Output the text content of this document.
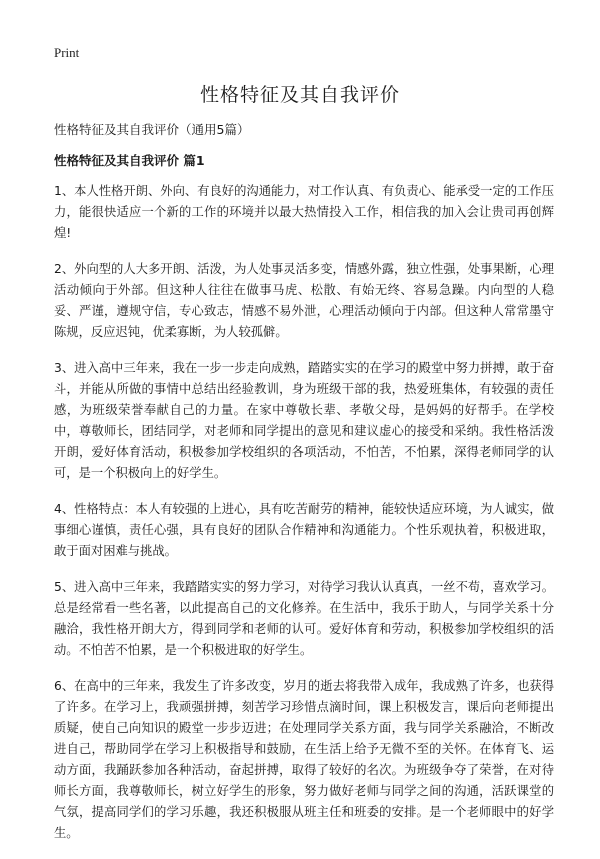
Print
性格特征及其自我评价
性格特征及其自我评价（通用5篇）
性格特征及其自我评价 篇1

1、本人性格开朗、外向、有良好的沟通能力，对工作认真、有负责心、能承受一定的工作压力，能很快适应一个新的工作的环境并以最大热情投入工作，相信我的加入会让贵司再创辉煌!

2、外向型的人大多开朗、活泼，为人处事灵活多变，情感外露，独立性强，处事果断，心理活动倾向于外部。但这种人往往在做事马虎、松散、有始无终、容易急躁。内向型的人稳妥、严谨，遵规守信，专心致志，情感不易外泄，心理活动倾向于内部。但这种人常常墨守陈规，反应迟钝，优柔寡断，为人较孤僻。

3、进入高中三年来，我在一步一步走向成熟，踏踏实实的在学习的殿堂中努力拼搏，敢于奋斗，并能从所做的事情中总结出经验教训，身为班级干部的我，热爱班集体，有较强的责任感，为班级荣誉奉献自己的力量。在家中尊敬长辈、孝敬父母，是妈妈的好帮手。在学校中，尊敬师长，团结同学，对老师和同学提出的意见和建议虚心的接受和采纳。我性格活泼开朗，爱好体育活动，积极参加学校组织的各项活动，不怕苦，不怕累，深得老师同学的认可，是一个积极向上的好学生。

4、性格特点：本人有较强的上进心，具有吃苦耐劳的精神，能较快适应环境，为人诚实，做事细心谨慎，责任心强，具有良好的团队合作精神和沟通能力。个性乐观执着，积极进取，敢于面对困难与挑战。

5、进入高中三年来，我踏踏实实的努力学习，对待学习我认认真真，一丝不苟，喜欢学习。总是经常看一些名著，以此提高自己的文化修养。在生活中，我乐于助人，与同学关系十分融洽，我性格开朗大方，得到同学和老师的认可。爱好体育和劳动，积极参加学校组织的活动。不怕苦不怕累，是一个积极进取的好学生。

6、在高中的三年来，我发生了许多改变，岁月的逝去将我带入成年，我成熟了许多，也获得了许多。在学习上，我顽强拼搏，刻苦学习珍惜点滴时间，课上积极发言，课后向老师提出质疑，使自己向知识的殿堂一步步迈进；在处理同学关系方面，我与同学关系融洽，不断改进自己，帮助同学在学习上积极指导和鼓励，在生活上给予无微不至的关怀。在体育飞、运动方面，我踊跃参加各种活动，奋起拼搏，取得了较好的名次。为班级争夺了荣誉，在对待师长方面，我尊敬师长，树立好学生的形象，努力做好老师与同学之间的沟通，活跃课堂的气氛，提高同学们的学习乐趣，我还积极服从班主任和班委的安排。是一个老师眼中的好学生。
